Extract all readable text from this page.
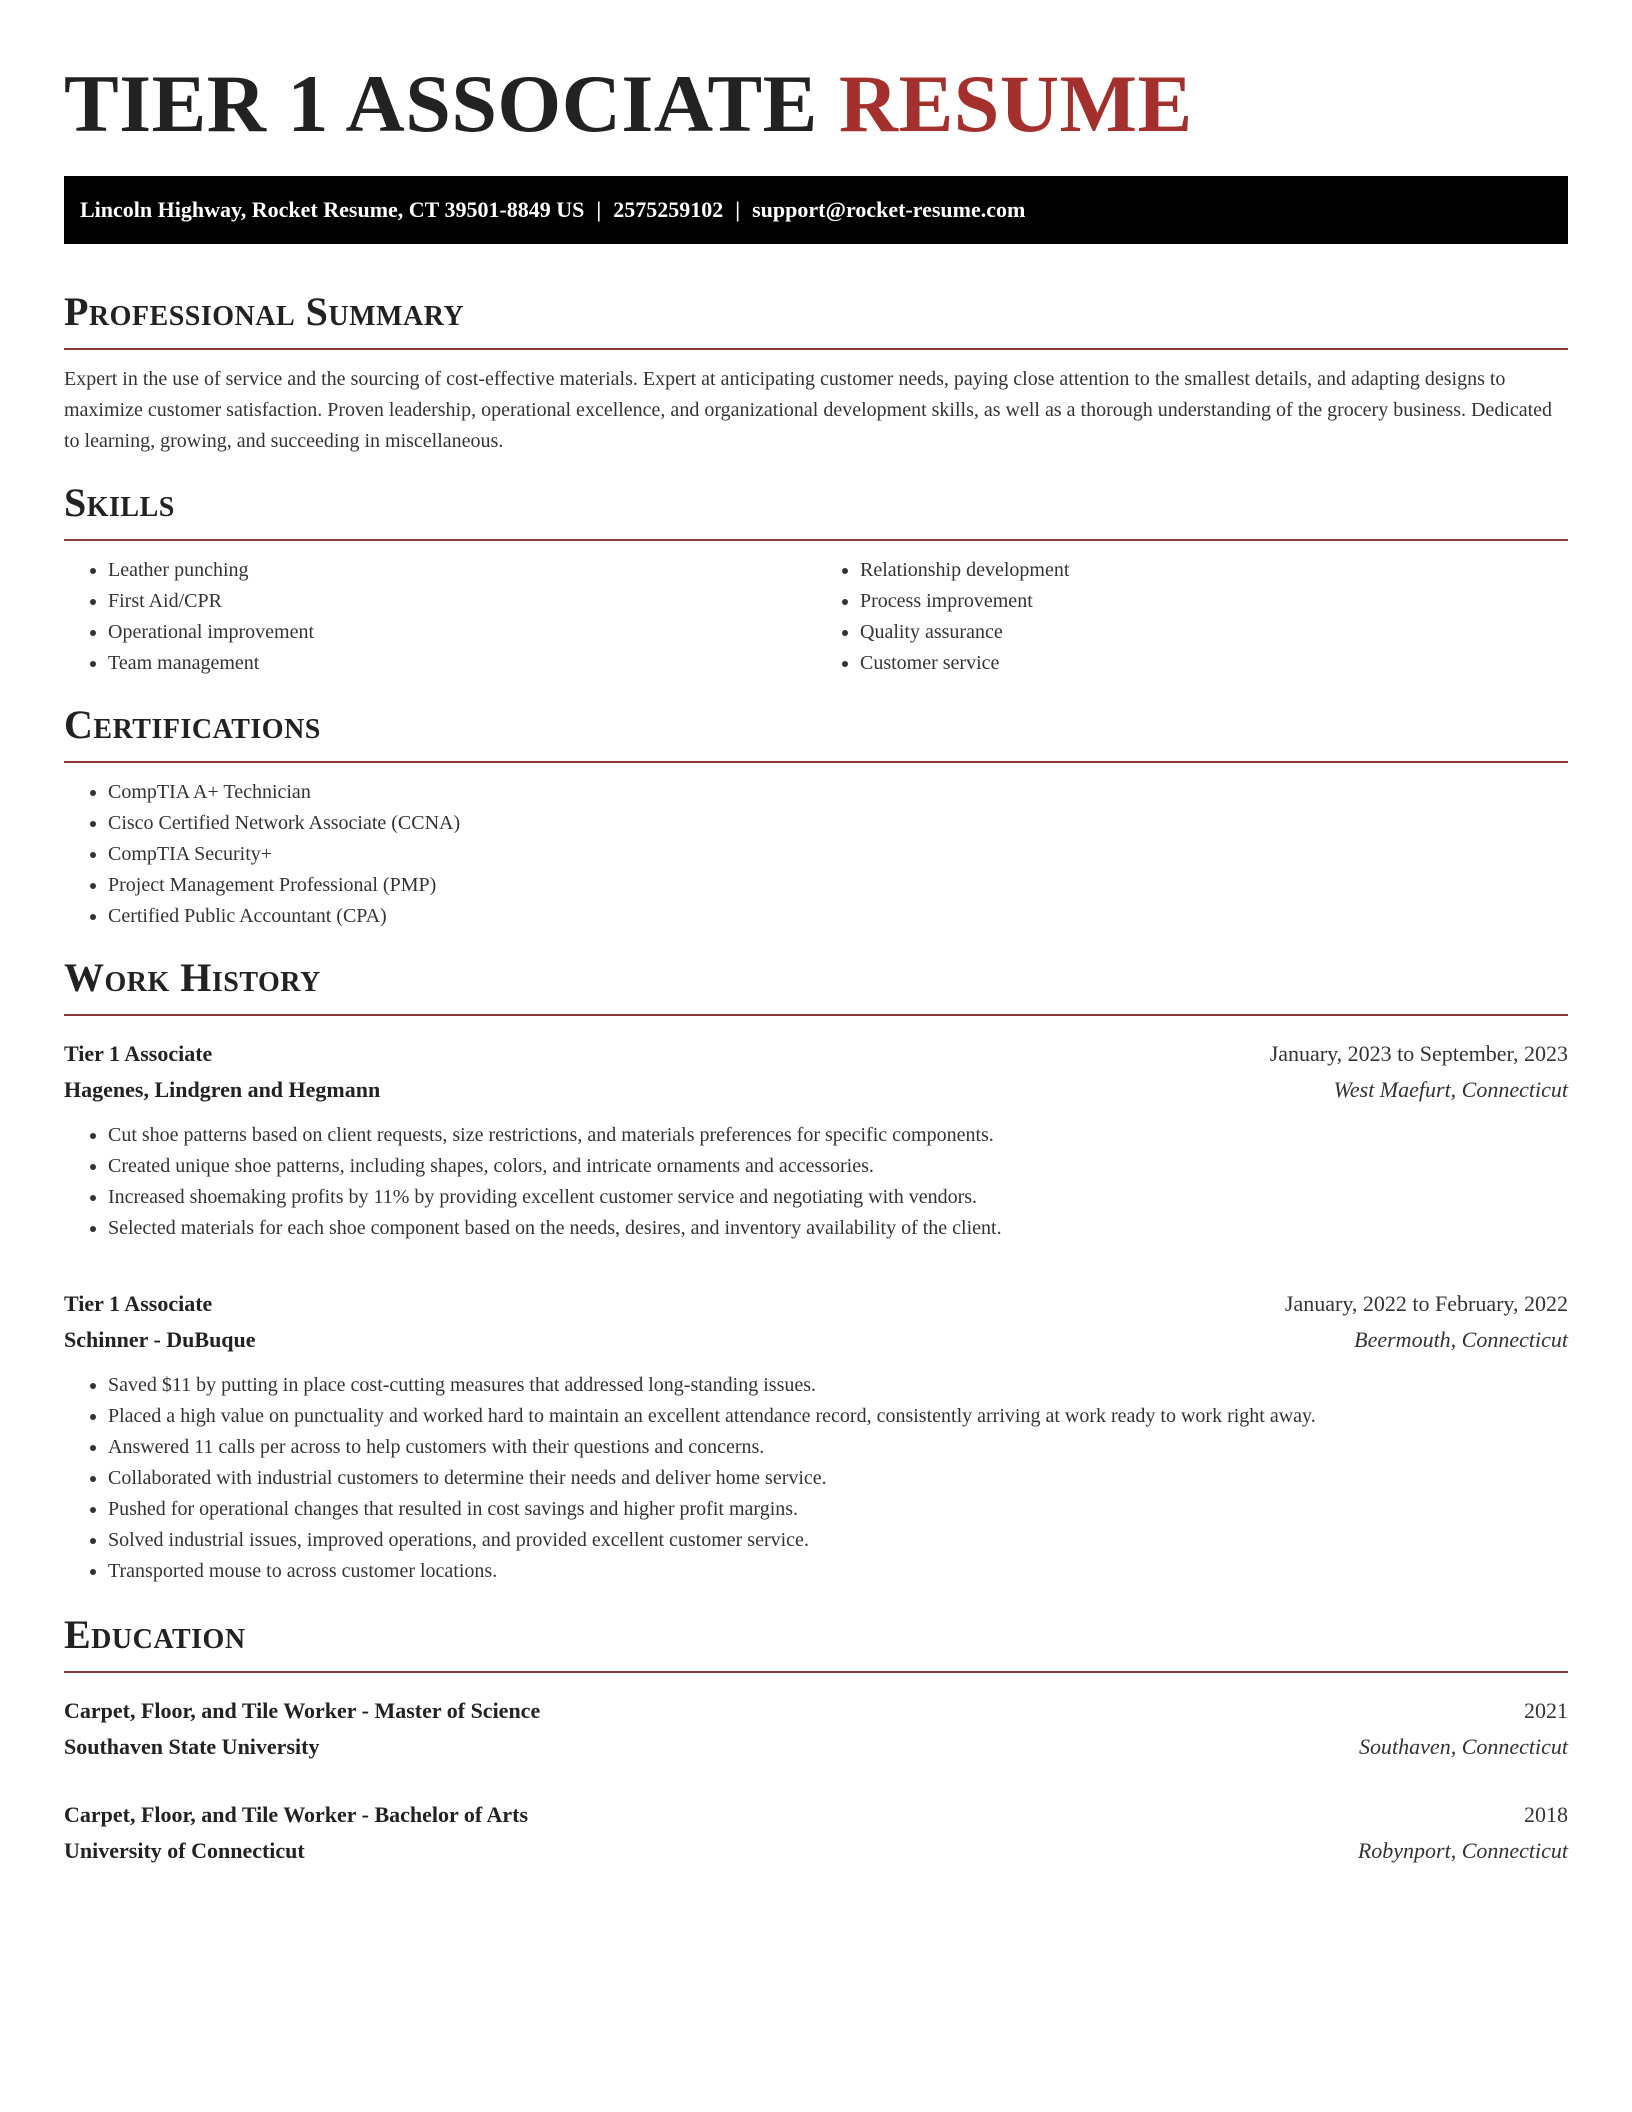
TIER 1 ASSOCIATE RESUME
Lincoln Highway, Rocket Resume, CT 39501-8849 US | 2575259102 | support@rocket-resume.com
Professional Summary

Expert in the use of service and the sourcing of cost-effective materials. Expert at anticipating customer needs, paying close attention to the smallest details, and adapting designs to maximize customer satisfaction. Proven leadership, operational excellence, and organizational development skills, as well as a thorough understanding of the grocery business. Dedicated to learning, growing, and succeeding in miscellaneous.

Skills
• Leather punching
• First Aid/CPR
• Operational improvement
• Team management
• Relationship development
• Process improvement
• Quality assurance
• Customer service
Certifications
• CompTIA A+ Technician
• Cisco Certified Network Associate (CCNA)
• CompTIA Security+
• Project Management Professional (PMP)
• Certified Public Accountant (CPA)
Work History
Tier 1 Associate	January, 2023 to September, 2023
Hagenes, Lindgren and Hegmann	West Maefurt, Connecticut
• Cut shoe patterns based on client requests, size restrictions, and materials preferences for specific components.
• Created unique shoe patterns, including shapes, colors, and intricate ornaments and accessories.
• Increased shoemaking profits by 11% by providing excellent customer service and negotiating with vendors.
• Selected materials for each shoe component based on the needs, desires, and inventory availability of the client.
Tier 1 Associate	January, 2022 to February, 2022
Schinner - DuBuque	Beermouth, Connecticut
• Saved $11 by putting in place cost-cutting measures that addressed long-standing issues.
• Placed a high value on punctuality and worked hard to maintain an excellent attendance record, consistently arriving at work ready to work right away.
• Answered 11 calls per across to help customers with their questions and concerns.
• Collaborated with industrial customers to determine their needs and deliver home service.
• Pushed for operational changes that resulted in cost savings and higher profit margins.
• Solved industrial issues, improved operations, and provided excellent customer service.
• Transported mouse to across customer locations.
Education
Carpet, Floor, and Tile Worker - Master of Science	2021
Southaven State University	Southaven, Connecticut
Carpet, Floor, and Tile Worker - Bachelor of Arts	2018
University of Connecticut	Robynport, Connecticut
